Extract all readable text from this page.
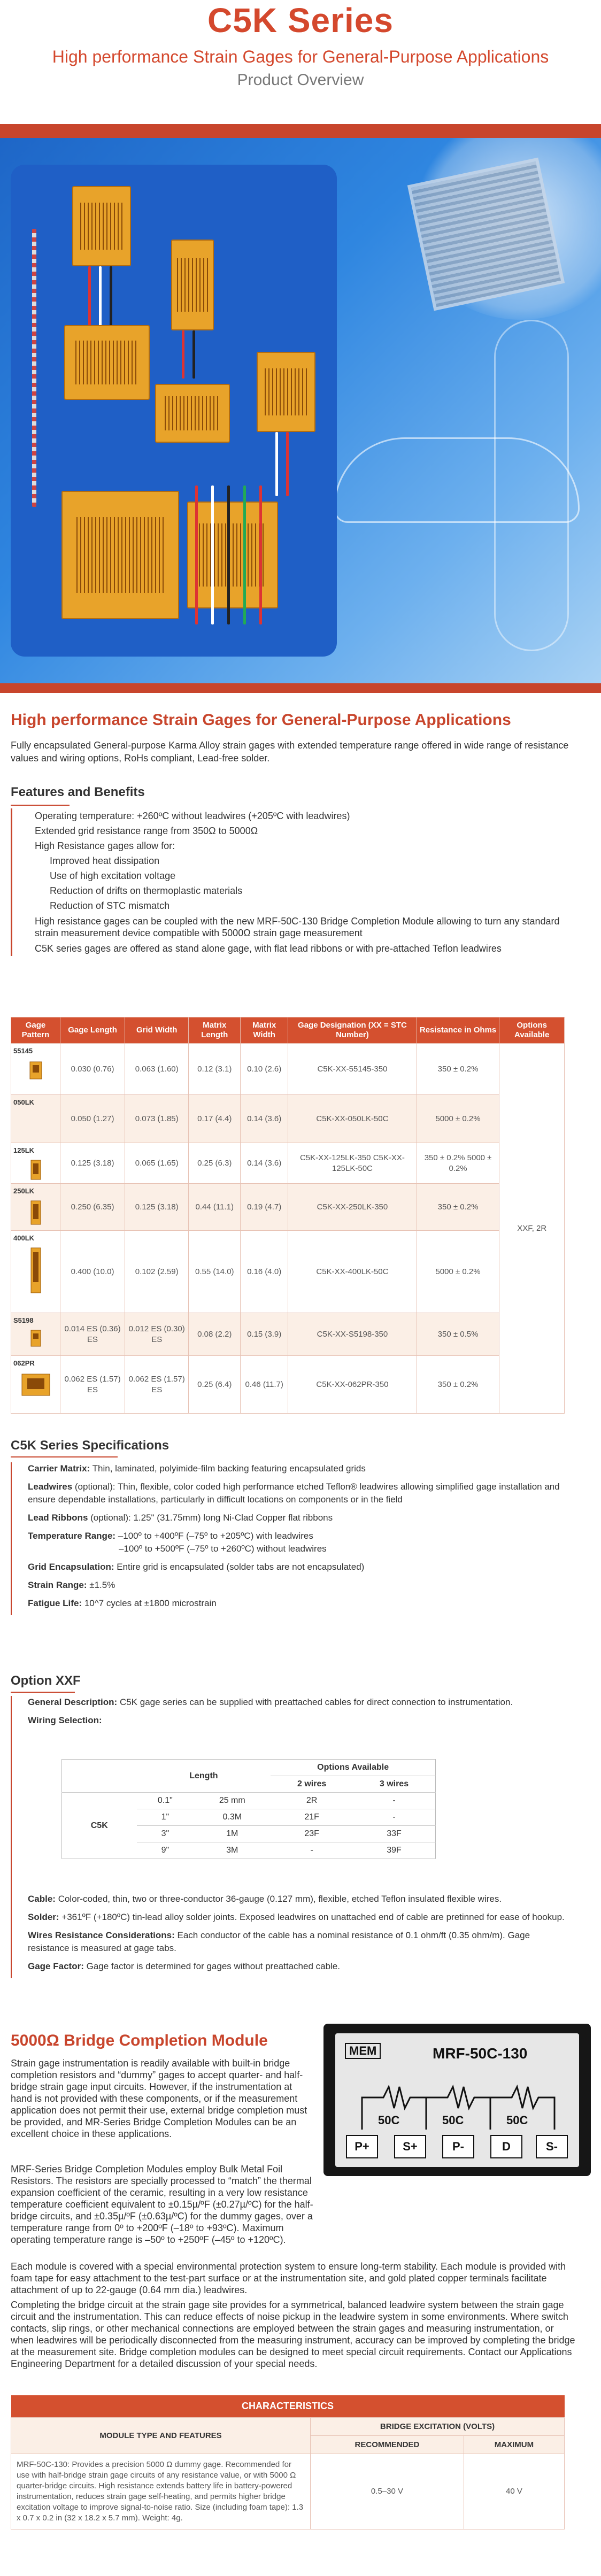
C5K Series
High performance Strain Gages for General-Purpose Applications
Product Overview
High performance Strain Gages for General-Purpose Applications
Fully encapsulated General-purpose Karma Alloy strain gages with extended temperature range offered in wide range of resistance values and wiring options, RoHs compliant, Lead-free solder.
Features and Benefits
Operating temperature: +260ºC without leadwires (+205ºC with leadwires)
Extended grid resistance range from 350Ω to 5000Ω
High Resistance gages allow for:
Improved heat dissipation
Use of high excitation voltage
Reduction of drifts on thermoplastic materials
Reduction of STC mismatch
High resistance gages can be coupled with the new MRF-50C-130 Bridge Completion Module allowing to turn any standard strain measurement device compatible with 5000Ω strain gage measurement
C5K series gages are offered as stand alone gage, with flat lead ribbons or with pre-attached Teflon leadwires
Gage Pattern	Gage Length	Grid Width	Matrix Length	Matrix Width	Gage Designation (XX = STC Number)	Resistance in Ohms	Options Available
55145	0.030 (0.76)	0.063 (1.60)	0.12 (3.1)	0.10 (2.6)	C5K-XX-55145-350	350 ± 0.2%	XXF, 2R
050LK	0.050 (1.27)	0.073 (1.85)	0.17 (4.4)	0.14 (3.6)	C5K-XX-050LK-50C	5000 ± 0.2%	
125LK	0.125 (3.18)	0.065 (1.65)	0.25 (6.3)	0.14 (3.6)	C5K-XX-125LK-350 C5K-XX-125LK-50C	350 ± 0.2% 5000 ± 0.2%	
250LK	0.250 (6.35)	0.125 (3.18)	0.44 (11.1)	0.19 (4.7)	C5K-XX-250LK-350	350 ± 0.2%	
400LK	0.400 (10.0)	0.102 (2.59)	0.55 (14.0)	0.16 (4.0)	C5K-XX-400LK-50C	5000 ± 0.2%	
S5198	0.014 ES (0.36) ES	0.012 ES (0.30) ES	0.08 (2.2)	0.15 (3.9)	C5K-XX-S5198-350	350 ± 0.5%	
062PR	0.062 ES (1.57) ES	0.062 ES (1.57) ES	0.25 (6.4)	0.46 (11.7)	C5K-XX-062PR-350	350 ± 0.2%	
C5K Series Specifications

Carrier Matrix: Thin, laminated, polyimide-film backing featuring encapsulated grids

Leadwires (optional): Thin, flexible, color coded high performance etched Teflon® leadwires allowing simplified gage installation and ensure dependable installations, particularly in difficult locations on components or in the field

Lead Ribbons (optional): 1.25" (31.75mm) long Ni-Clad Copper flat ribbons

Temperature Range: –100º to +400ºF (–75º to +205ºC) with leadwires

–100º to +500ºF (–75º to +260ºC) without leadwires

Grid Encapsulation: Entire grid is encapsulated (solder tabs are not encapsulated)

Strain Range: ±1.5%

Fatigue Life: 10^7 cycles at ±1800 microstrain

Option XXF

General Description: C5K gage series can be supplied with preattached cables for direct connection to instrumentation.

Wiring Selection:

	Length		Options Available	
			2 wires	3 wires
C5K	0.1"	25 mm	2R	-
	1"	0.3M	21F	-
	3"	1M	23F	33F
	9"	3M	-	39F

Cable: Color-coded, thin, two or three-conductor 36-gauge (0.127 mm), flexible, etched Teflon insulated flexible wires.

Solder: +361ºF (+180ºC) tin-lead alloy solder joints. Exposed leadwires on unattached end of cable are pretinned for ease of hookup.

Wires Resistance Considerations: Each conductor of the cable has a nominal resistance of 0.1 ohm/ft (0.35 ohm/m). Gage resistance is measured at gage tabs.

Gage Factor: Gage factor is determined for gages without preattached cable.

5000Ω Bridge Completion Module
Strain gage instrumentation is readily available with built-in bridge completion resistors and “dummy” gages to accept quarter- and half-bridge strain gage input circuits. However, if the instrumentation at hand is not provided with these components, or if the measurement application does not permit their use, external bridge completion must be provided, and MR-Series Bridge Completion Modules can be an excellent choice in these applications.
MRF-Series Bridge Completion Modules employ Bulk Metal Foil Resistors. The resistors are specially processed to “match” the thermal expansion coefficient of the ceramic, resulting in a very low resistance temperature coefficient equivalent to ±0.15µ/ºF (±0.27µ/ºC) for the half-bridge circuits, and ±0.35µ/ºF (±0.63µ/ºC) for the dummy gages, over a temperature range from 0º to +200ºF (–18º to +93ºC). Maximum operating temperature range is –50º to +250ºF (–45º to +120ºC).
Each module is covered with a special environmental protection system to ensure long-term stability. Each module is provided with foam tape for easy attachment to the test-part surface or at the instrumentation site, and gold plated copper terminals facilitate attachment of up to 22-gauge (0.64 mm dia.) leadwires.
Completing the bridge circuit at the strain gage site provides for a symmetrical, balanced leadwire system between the strain gage circuit and the instrumentation. This can reduce effects of noise pickup in the leadwire system in some environments. Where switch contacts, slip rings, or other mechanical connections are employed between the strain gages and measuring instrumentation, or when leadwires will be periodically disconnected from the measuring instrument, accuracy can be improved by completing the bridge at the measurement site. Bridge completion modules can be designed to meet special circuit requirements. Contact our Applications Engineering Department for a detailed discussion of your special needs.
MEM	MRF-50C-130
50C	50C	50C
P+	S+	P-	D	S-
CHARACTERISTICS		
MODULE TYPE AND FEATURES	BRIDGE EXCITATION (VOLTS)	
	RECOMMENDED	MAXIMUM
MRF-50C-130: Provides a precision 5000 Ω dummy gage. Recommended for use with half-bridge strain gage circuits of any resistance value, or with 5000 Ω quarter-bridge circuits. High resistance extends battery life in battery-powered instrumentation, reduces strain gage self-heating, and permits higher bridge excitation voltage to improve signal-to-noise ratio. Size (including foam tape): 1.3 x 0.7 x 0.2 in (32 x 18.2 x 5.7 mm). Weight: 4g.	0.5–30 V	40 V
